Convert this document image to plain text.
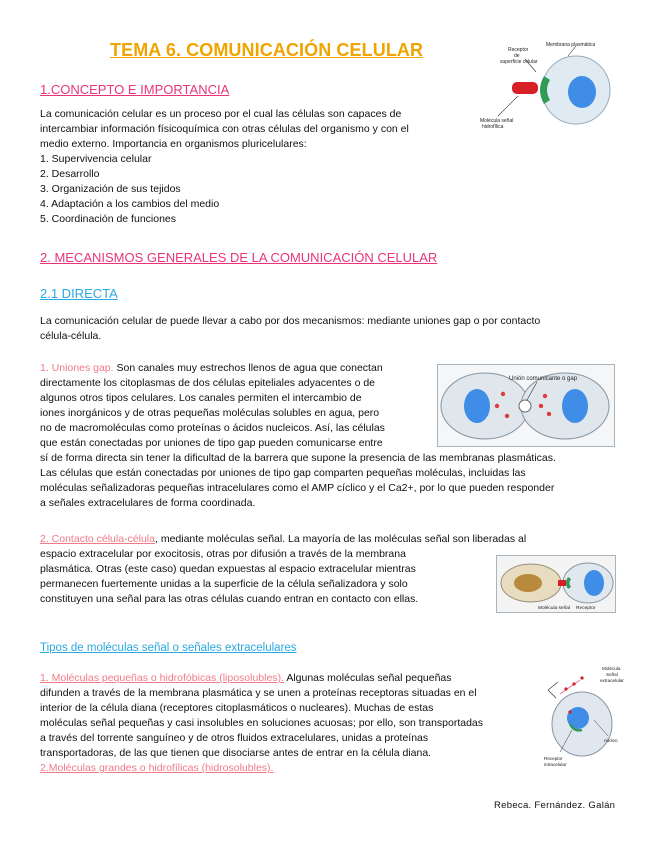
TEMA 6. COMUNICACIÓN CELULAR	Membrana plasmática
Receptor
de
superficie celular
Molécula señal
hidrofílica
1.CONCEPTO E IMPORTANCIA
La comunicación celular es un proceso por el cual las células son capaces de
intercambiar información físicoquímica con otras células del organismo y con el
medio externo. Importancia en organismos pluricelulares:
1. Supervivencia celular
2. Desarrollo
3. Organización de sus tejidos
4. Adaptación a los cambios del medio
5. Coordinación de funciones
2. MECANISMOS GENERALES DE LA COMUNICACIÓN CELULAR
2.1 DIRECTA
La comunicación celular de puede llevar a cabo por dos mecanismos: mediante uniones gap o por contacto
célula-célula.
1. Uniones gap. Son canales muy estrechos llenos de agua que conectan
directamente los citoplasmas de dos células epiteliales adyacentes o de
algunos otros tipos celulares. Los canales permiten el intercambio de
iones inorgánicos y de otras pequeñas moléculas solubles en agua, pero
no de macromoléculas como proteínas o ácidos nucleicos. Así, las células
que están conectadas por uniones de tipo gap pueden comunicarse entre
sí de forma directa sin tener la dificultad de la barrera que supone la presencia de las membranas plasmáticas.
Las células que están conectadas por uniones de tipo gap comparten pequeñas moléculas, incluidas las
moléculas señalizadoras pequeñas intracelulares como el AMP cíclico y el Ca2+, por lo que pueden responder
a señales extracelulares de forma coordinada.
Unión comunicante o gap
2. Contacto célula-célula, mediante moléculas señal. La mayoría de las moléculas señal son liberadas al
espacio extracelular por exocitosis, otras por difusión a través de la membrana
plasmática. Otras (este caso) quedan expuestas al espacio extracelular mientras
permanecen fuertemente unidas a la superficie de la célula señalizadora y solo
constituyen una señal para las otras células cuando entran en contacto con ellas.
Molécula señal Receptor
Tipos de moléculas señal o señales extracelulares
1. Moléculas pequeñas o hidrofóbicas (liposolubles). Algunas moléculas señal pequeñas
difunden a través de la membrana plasmática y se unen a proteínas receptoras situadas en el
interior de la célula diana (receptores citoplasmáticos o nucleares). Muchas de estas
moléculas señal pequeñas y casi insolubles en soluciones acuosas; por ello, son transportadas
a través del torrente sanguíneo y de otros fluidos extracelulares, unidas a proteínas
transportadoras, de las que tienen que disociarse antes de entrar en la célula diana.
2.Moléculas grandes o hidrofílicas (hidrosolubles).
Molécula
Señal
extracelular
núcleo
Receptor
intracelular
Rebeca. Fernández. Galán
